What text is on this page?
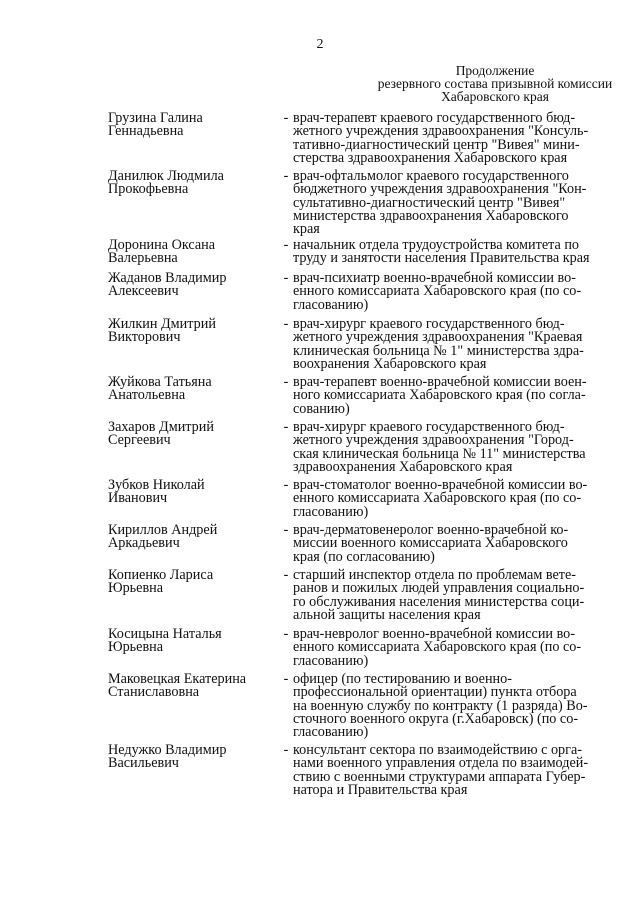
2
Продолжение
резервного состава призывной комиссии
Хабаровского края
Грузина Галина
Геннадьевна
- врач-терапевт краевого государственного бюд-
жетного учреждения здравоохранения "Консуль-
тативно-диагностический центр "Вивея" мини-
стерства здравоохранения Хабаровского края
Данилюк Людмила
Прокофьевна
- врач-офтальмолог краевого государственного
бюджетного учреждения здравоохранения "Кон-
сультативно-диагностический центр "Вивея"
министерства здравоохранения Хабаровского
края
Доронина Оксана
Валерьевна
- начальник отдела трудоустройства комитета по
труду и занятости населения Правительства края
Жаданов Владимир
Алексеевич
- врач-психиатр военно-врачебной комиссии во-
енного комиссариата Хабаровского края (по со-
гласованию)
Жилкин Дмитрий
Викторович
- врач-хирург краевого государственного бюд-
жетного учреждения здравоохранения "Краевая
клиническая больница № 1" министерства здра-
воохранения Хабаровского края
Жуйкова Татьяна
Анатольевна
- врач-терапевт военно-врачебной комиссии воен-
ного комиссариата Хабаровского края (по согла-
сованию)
Захаров Дмитрий
Сергеевич
- врач-хирург краевого государственного бюд-
жетного учреждения здравоохранения "Город-
ская клиническая больница № 11" министерства
здравоохранения Хабаровского края
Зубков Николай
Иванович
- врач-стоматолог военно-врачебной комиссии во-
енного комиссариата Хабаровского края (по со-
гласованию)
Кириллов Андрей
Аркадьевич
- врач-дерматовенеролог военно-врачебной ко-
миссии военного комиссариата Хабаровского
края (по согласованию)
Копиенко Лариса
Юрьевна
- старший инспектор отдела по проблемам вете-
ранов и пожилых людей управления социально-
го обслуживания населения министерства соци-
альной защиты населения края
Косицына Наталья
Юрьевна
- врач-невролог военно-врачебной комиссии во-
енного комиссариата Хабаровского края (по со-
гласованию)
Маковецкая Екатерина
Станиславовна
- офицер (по тестированию и военно-
профессиональной ориентации) пункта отбора
на военную службу по контракту (1 разряда) Во-
сточного военного округа (г.Хабаровск) (по со-
гласованию)
Недужко Владимир
Васильевич
- консультант сектора по взаимодействию с орга-
нами военного управления отдела по взаимодей-
ствию с военными структурами аппарата Губер-
натора и Правительства края
